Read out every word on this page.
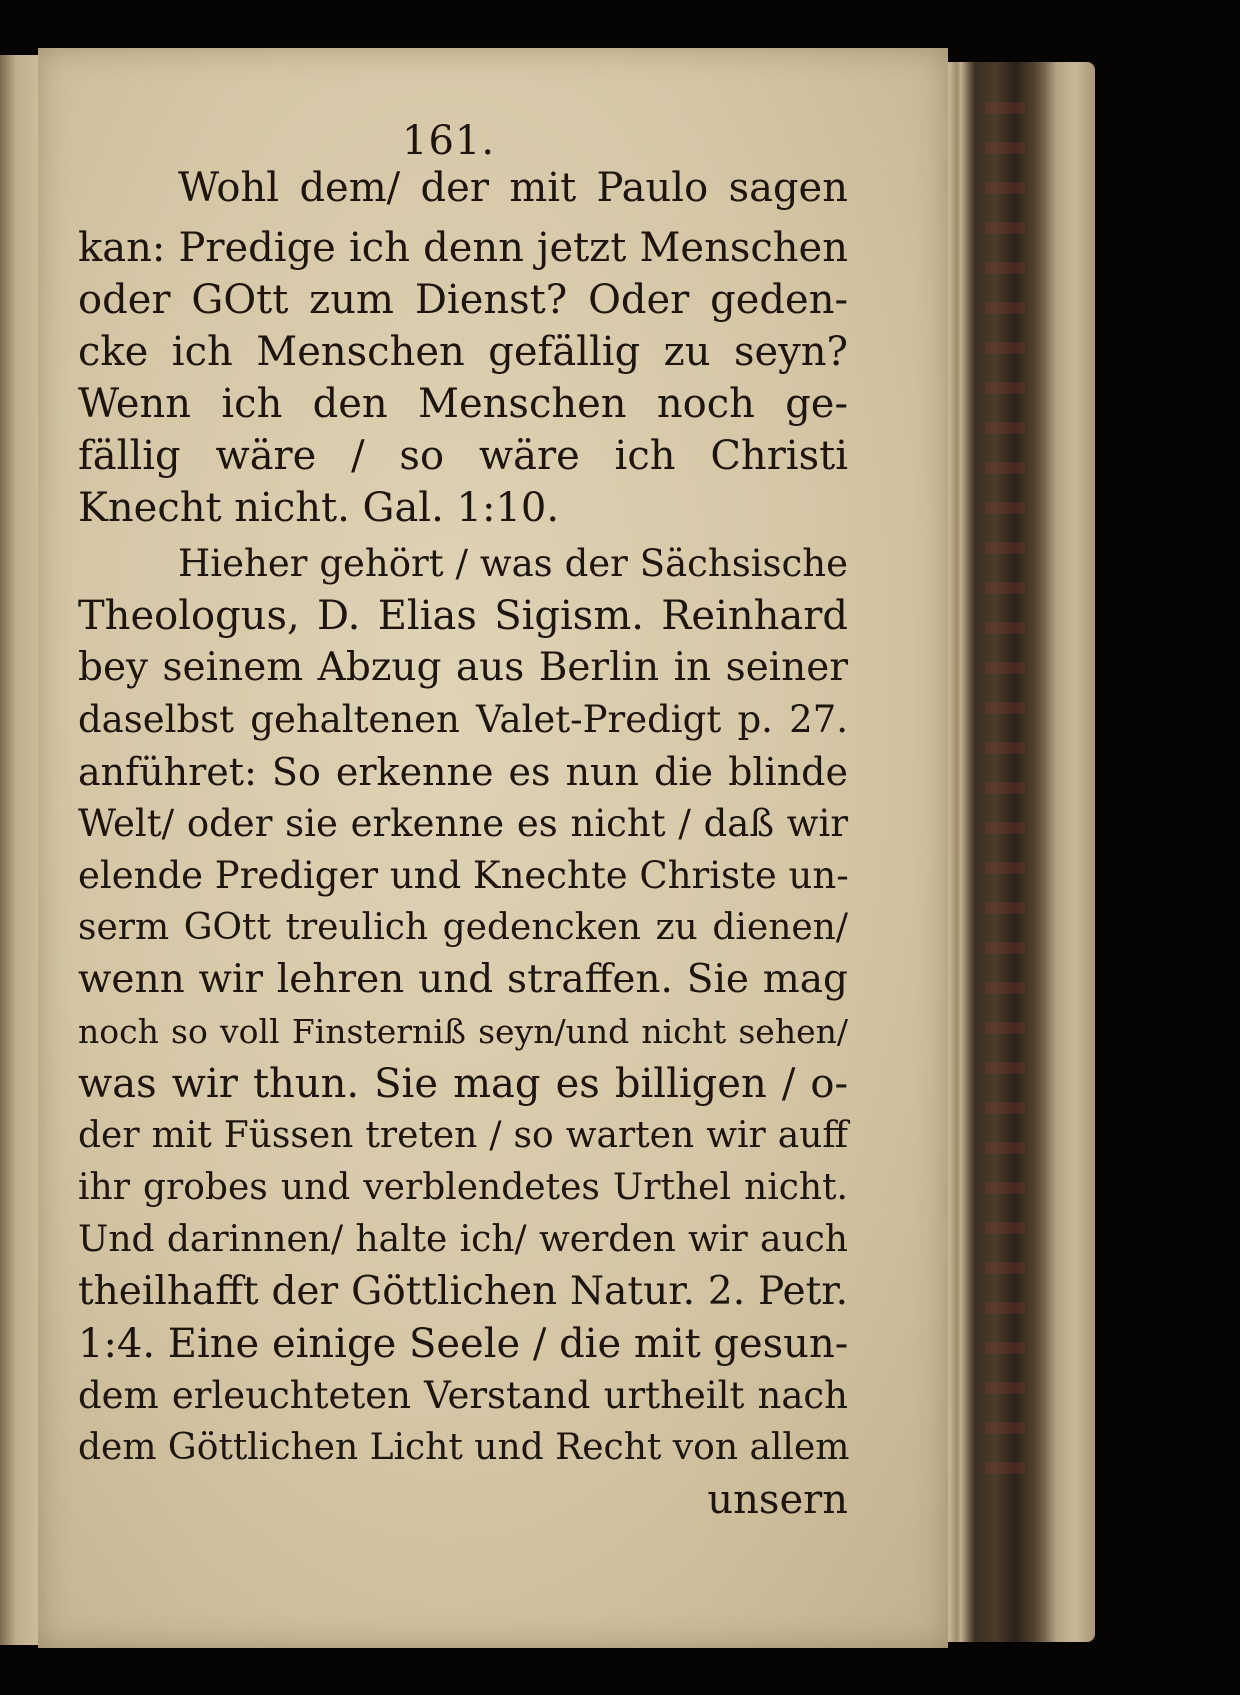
161.
Wohl dem/ der mit Paulo sagen
kan: Predige ich denn jetzt Menschen
oder GOtt zum Dienst? Oder geden-
cke ich Menschen gefällig zu seyn?
Wenn ich den Menschen noch ge-
fällig wäre / so wäre ich Christi
Knecht nicht. Gal. 1:10.
Hieher gehört / was der Sächsische
Theologus, D. Elias Sigism. Reinhard
bey seinem Abzug aus Berlin in seiner
daselbst gehaltenen Valet-Predigt p. 27.
anführet: So erkenne es nun die blinde
Welt/ oder sie erkenne es nicht / daß wir
elende Prediger und Knechte Christe un-
serm GOtt treulich gedencken zu dienen/
wenn wir lehren und straffen. Sie mag
noch so voll Finsterniß seyn/und nicht sehen/
was wir thun. Sie mag es billigen / o-
der mit Füssen treten / so warten wir auff
ihr grobes und verblendetes Urthel nicht.
Und darinnen/ halte ich/ werden wir auch
theilhafft der Göttlichen Natur. 2. Petr.
1:4. Eine einige Seele / die mit gesun-
dem erleuchteten Verstand urtheilt nach
dem Göttlichen Licht und Recht von allem
unsern
